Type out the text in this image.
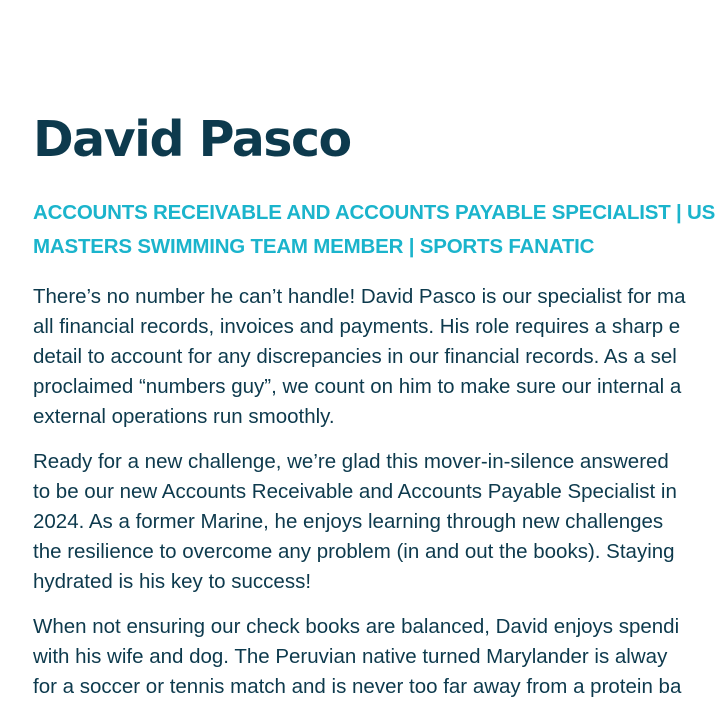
David Pasco
ACCOUNTS RECEIVABLE AND ACCOUNTS PAYABLE SPECIALIST | US
MASTERS SWIMMING TEAM MEMBER | SPORTS FANATIC

There’s no number he can’t handle! David Pasco is our specialist for ma
all financial records, invoices and payments. His role requires a sharp e
detail to account for any discrepancies in our financial records. As a sel
proclaimed “numbers guy”, we count on him to make sure our internal a
external operations run smoothly.

Ready for a new challenge, we’re glad this mover-in-silence answered
to be our new Accounts Receivable and Accounts Payable Specialist in
2024. As a former Marine, he enjoys learning through new challenges
the resilience to overcome any problem (in and out the books). Staying
hydrated is his key to success!

When not ensuring our check books are balanced, David enjoys spendi
with his wife and dog. The Peruvian native turned Marylander is alway
for a soccer or tennis match and is never too far away from a protein ba
